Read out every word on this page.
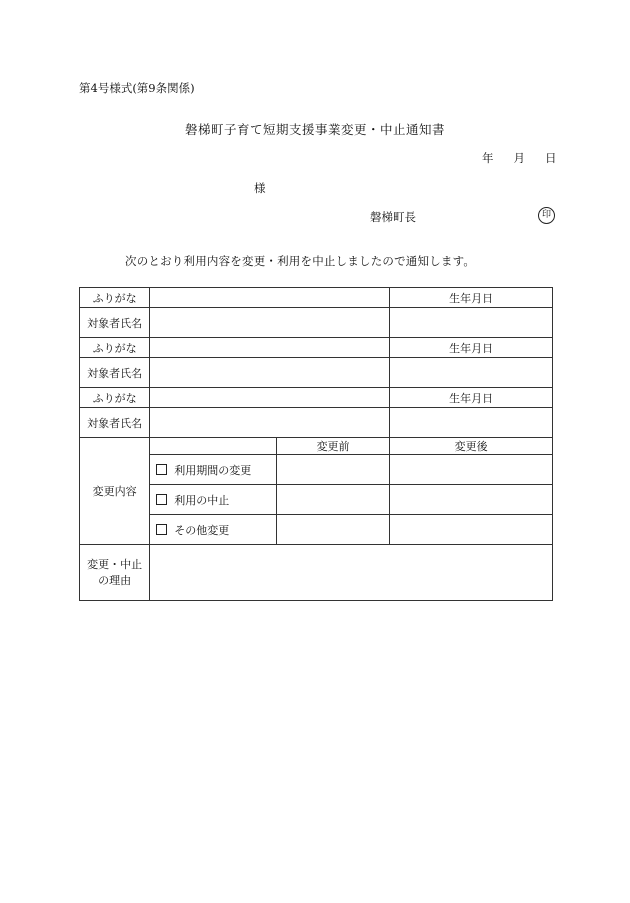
第4号様式(第9条関係)
磐梯町子育て短期支援事業変更・中止通知書
年 月 日
様
磐梯町長	印
次のとおり利用内容を変更・利用を中止しましたので通知します。
ふりがな			生年月日
対象者氏名			
ふりがな			生年月日
対象者氏名			
ふりがな			生年月日
対象者氏名			
変更内容		変更前	変更後
	利用期間の変更		
	利用の中止		
	その他変更		
変更・中止
の理由			
